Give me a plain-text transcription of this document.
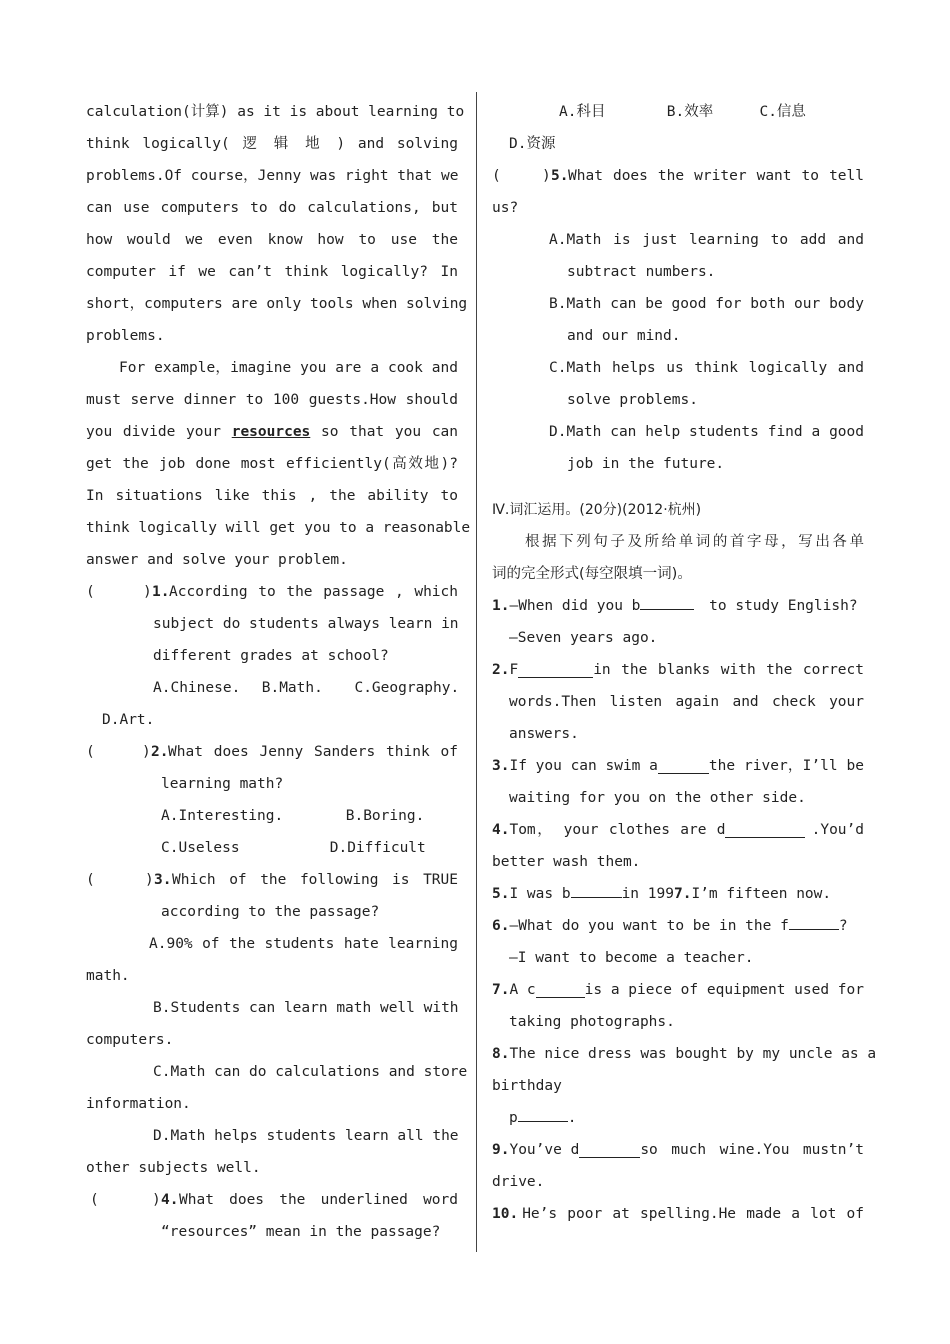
calculation(计算) as it is about learning to
think logically( 逻 辑 地 ) and solving
problems.Of course，Jenny was right that we
can use computers to do calculations, but
how would we even know how to use the
computer if we can’t think logically? In
short，computers are only tools when solving
problems.
For example，imagine you are a cook and
must serve dinner to 100 guests.How should
you divide your resources so that you can
get the job done most efficiently(高效地)?
In situations like this , the ability to
think logically will get you to a reasonable
answer and solve your problem.
(	) 1. According to the passage , which
subject do students always learn in
different grades at school?
A.Chinese. B.Math. C.Geography.
D.Art.
(	) 2. What does Jenny Sanders think of
learning math?
A.Interesting.	B.Boring.
C.Useless	D.Difficult
(	) 3. Which of the following is TRUE
according to the passage?
A.90% of the students hate learning
math.
B.Students can learn math well with
computers.
C.Math can do calculations and store
information.
D.Math helps students learn all the
other subjects well.
(	) 4. What does the underlined word
“resources” mean in the passage?
A.科目	B.效率	C.信息
D.资源
(	) 5. What does the writer want to tell
us?
A.Math is just learning to add and
subtract numbers.
B.Math can be good for both our body
and our mind.
C.Math helps us think logically and
solve problems.
D.Math can help students find a good
job in the future.
Ⅳ.词汇运用。(20分)(2012·杭州)
根据下列句子及所给单词的首字母，写出各单
词的完全形式(每空限填一词)。
1.—When did you b	to study English?
—Seven years ago.
2. F	in the blanks with the correct
words.Then listen again and check your
answers.
3. If you can swim a	the river，I’ll be
waiting for you on the other side.
4. Tom， your clothes are d	.You’d
better wash them.
5.I was b	in 1997.I’m fifteen now.
6.—What do you want to be in the f	?
—I want to become a teacher.
7. A c	is a piece of equipment used for
taking photographs.
8. The nice dress was bought by my uncle as a
birthday
p	.
9. You’ve d	so much wine.You mustn’t
drive.
10. He’s poor at spelling.He made a lot of
